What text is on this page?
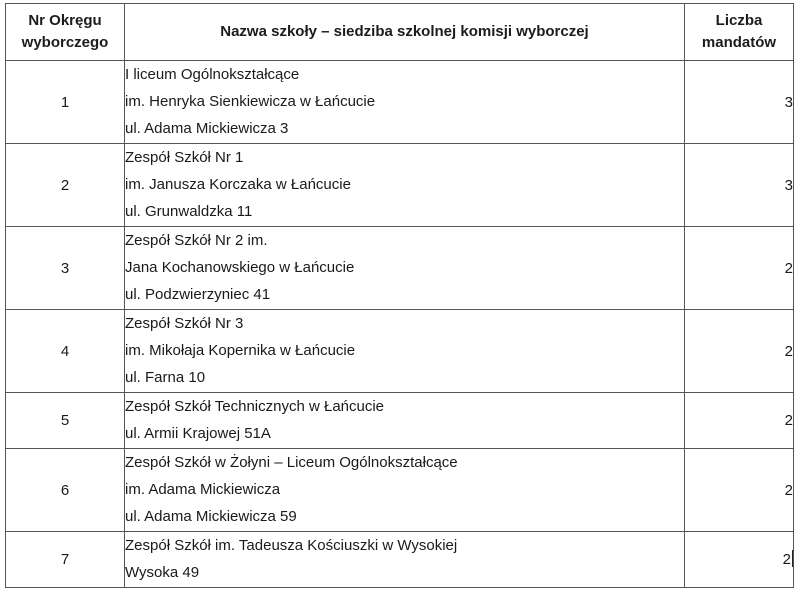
Nr Okręgu
wyborczego	Nazwa szkoły – siedziba szkolnej komisji wyborczej	Liczba
mandatów
1	I liceum Ogólnokształcące
im. Henryka Sienkiewicza w Łańcucie
ul. Adama Mickiewicza 3	3
2	Zespół Szkół Nr 1
im. Janusza Korczaka w Łańcucie
ul. Grunwaldzka 11	3
3	Zespół Szkół Nr 2 im.
Jana Kochanowskiego w Łańcucie
ul. Podzwierzyniec 41	2
4	Zespół Szkół Nr 3
im. Mikołaja Kopernika w Łańcucie
ul. Farna 10	2
5	Zespół Szkół Technicznych w Łańcucie
ul. Armii Krajowej 51A	2
6	Zespół Szkół w Żołyni – Liceum Ogólnokształcące
im. Adama Mickiewicza
ul. Adama Mickiewicza 59	2
7	Zespół Szkół im. Tadeusza Kościuszki w Wysokiej
Wysoka 49	2
